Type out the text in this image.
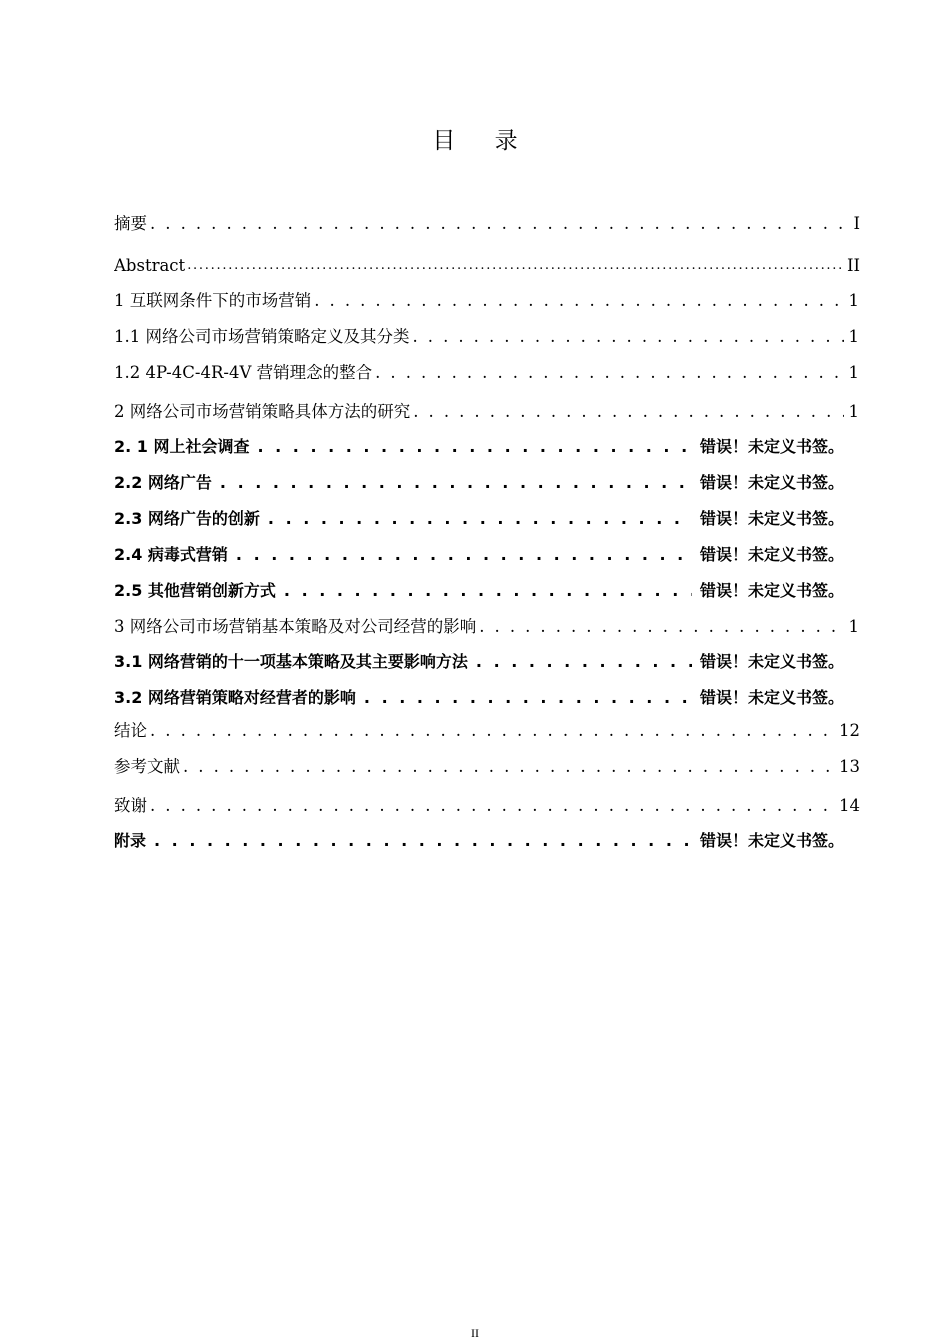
目 录
摘要 . . .	I
Abstract . . .	II
1 互联网条件下的市场营销 . . .	1
1.1 网络公司市场营销策略定义及其分类 . . .	1
1.2 4P-4C-4R-4V 营销理念的整合 . . .	1
2 网络公司市场营销策略具体方法的研究 . . .	1
2. 1 网上社会调查 . . .	错误！未定义书签。
2.2 网络广告 . . .	错误！未定义书签。
2.3 网络广告的创新 . . .	错误！未定义书签。
2.4 病毒式营销 . . .	错误！未定义书签。
2.5 其他营销创新方式 . . .	错误！未定义书签。
3 网络公司市场营销基本策略及对公司经营的影响 . . .	1
3.1 网络营销的十一项基本策略及其主要影响方法 . . .	错误！未定义书签。
3.2 网络营销策略对经营者的影响 . . .	错误！未定义书签。
结论 . . .	12
参考文献 . . .	13
致谢 . . .	14
附录 . . .	错误！未定义书签。
II
